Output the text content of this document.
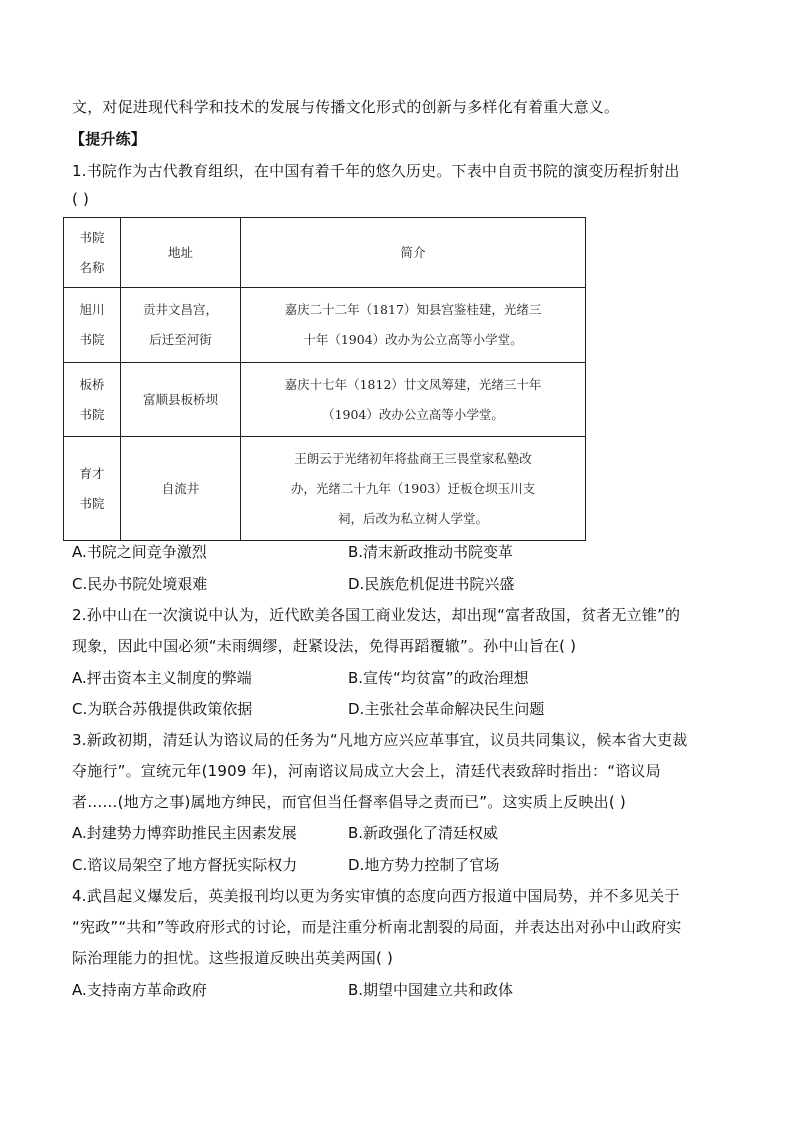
文，对促进现代科学和技术的发展与传播文化形式的创新与多样化有着重大意义。
【提升练】
1.书院作为古代教育组织，在中国有着千年的悠久历史。下表中自贡书院的演变历程折射出
( )
书院
名称	地址	简介

旭川
书院	贡井文昌宫，
后迁至河街	嘉庆二十二年（1817）知县宫鉴桂建，光绪三
十年（1904）改办为公立高等小学堂。

板桥
书院	富顺县板桥坝	嘉庆十七年（1812）廿文凤筹建，光绪三十年
（1904）改办公立高等小学堂。

育才
书院	自流井	王朗云于光绪初年将盐商王三畏堂家私塾改
办，光绪二十九年（1903）迁板仓坝玉川支
祠，后改为私立树人学堂。
A.书院之间竞争激烈	B.清末新政推动书院变革
C.民办书院处境艰难	D.民族危机促进书院兴盛
2.孙中山在一次演说中认为，近代欧美各国工商业发达，却出现“富者敌国，贫者无立锥”的
现象，因此中国必须“未雨绸缪，赶紧设法，免得再蹈覆辙”。孙中山旨在( )
A.抨击资本主义制度的弊端	B.宣传“均贫富”的政治理想
C.为联合苏俄提供政策依据	D.主张社会革命解决民生问题
3.新政初期，清廷认为谘议局的任务为“凡地方应兴应革事宜，议员共同集议，候本省大吏裁
夺施行”。宣统元年(1909 年)，河南谘议局成立大会上，清廷代表致辞时指出：“谘议局
者……(地方之事)属地方绅民，而官但当任督率倡导之责而已”。这实质上反映出( )
A.封建势力博弈助推民主因素发展	B.新政强化了清廷权威
C.谘议局架空了地方督抚实际权力	D.地方势力控制了官场
4.武昌起义爆发后，英美报刊均以更为务实审慎的态度向西方报道中国局势，并不多见关于
“宪政”“共和”等政府形式的讨论，而是注重分析南北割裂的局面，并表达出对孙中山政府实
际治理能力的担忧。这些报道反映出英美两国( )
A.支持南方革命政府	B.期望中国建立共和政体
